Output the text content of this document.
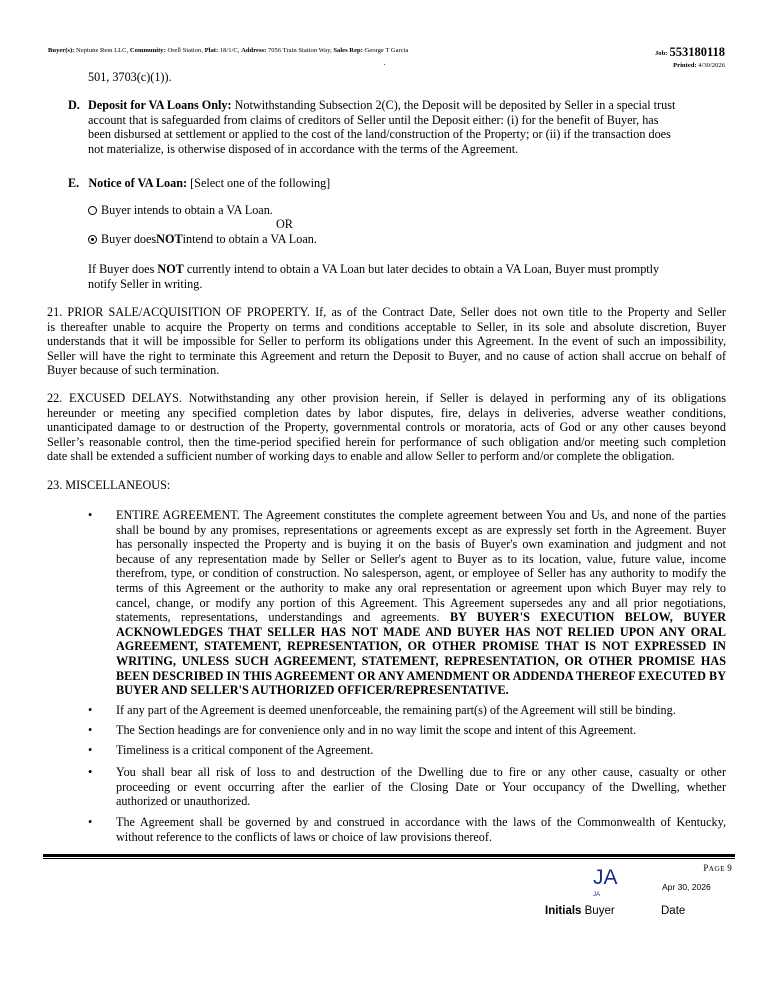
Buyer(s): Neptune Rem LLC, Community: Orell Station, Plat: 18/1/C, Address: 7056 Train Station Way, Sales Rep: George T Garcia	Job: 553180118
Printed: 4/30/2026
501, 3703(c)(1)).
D. Deposit for VA Loans Only: Notwithstanding Subsection 2(C), the Deposit will be deposited by Seller in a special trust
account that is safeguarded from claims of creditors of Seller until the Deposit either: (i) for the benefit of Buyer, has
been disbursed at settlement or applied to the cost of the land/construction of the Property; or (ii) if the transaction does
not materialize, is otherwise disposed of in accordance with the terms of the Agreement.
E. Notice of VA Loan: [Select one of the following]
Buyer intends to obtain a VA Loan.
OR
Buyer does NOT intend to obtain a VA Loan.
If Buyer does NOT currently intend to obtain a VA Loan but later decides to obtain a VA Loan, Buyer must promptly
notify Seller in writing.
21. PRIOR SALE/ACQUISITION OF PROPERTY. If, as of the Contract Date, Seller does not own title to the Property and Seller
is thereafter unable to acquire the Property on terms and conditions acceptable to Seller, in its sole and absolute discretion, Buyer
understands that it will be impossible for Seller to perform its obligations under this Agreement. In the event of such an impossibility,
Seller will have the right to terminate this Agreement and return the Deposit to Buyer, and no cause of action shall accrue on behalf of
Buyer because of such termination.
22. EXCUSED DELAYS. Notwithstanding any other provision herein, if Seller is delayed in performing any of its obligations
hereunder or meeting any specified completion dates by labor disputes, fire, delays in deliveries, adverse weather conditions,
unanticipated damage to or destruction of the Property, governmental controls or moratoria, acts of God or any other causes beyond
Seller’s reasonable control, then the time-period specified herein for performance of such obligation and/or meeting such completion
date shall be extended a sufficient number of working days to enable and allow Seller to perform and/or complete the obligation.
23. MISCELLANEOUS:
• ENTIRE AGREEMENT. The Agreement constitutes the complete agreement between You and Us, and none of the parties
shall be bound by any promises, representations or agreements except as are expressly set forth in the Agreement. Buyer
has personally inspected the Property and is buying it on the basis of Buyer's own examination and judgment and not
because of any representation made by Seller or Seller's agent to Buyer as to its location, value, future value, income
therefrom, type, or condition of construction. No salesperson, agent, or employee of Seller has any authority to modify the
terms of this Agreement or the authority to make any oral representation or agreement upon which Buyer may rely to
cancel, change, or modify any portion of this Agreement. This Agreement supersedes any and all prior negotiations,
statements, representations, understandings and agreements. BY BUYER'S EXECUTION BELOW, BUYER
ACKNOWLEDGES THAT SELLER HAS NOT MADE AND BUYER HAS NOT RELIED UPON ANY ORAL
AGREEMENT, STATEMENT, REPRESENTATION, OR OTHER PROMISE THAT IS NOT EXPRESSED IN
WRITING, UNLESS SUCH AGREEMENT, STATEMENT, REPRESENTATION, OR OTHER PROMISE HAS
BEEN DESCRIBED IN THIS AGREEMENT OR ANY AMENDMENT OR ADDENDA THEREOF EXECUTED BY
BUYER AND SELLER'S AUTHORIZED OFFICER/REPRESENTATIVE.
• If any part of the Agreement is deemed unenforceable, the remaining part(s) of the Agreement will still be binding.
• The Section headings are for convenience only and in no way limit the scope and intent of this Agreement.
• Timeliness is a critical component of the Agreement.
• You shall bear all risk of loss to and destruction of the Dwelling due to fire or any other cause, casualty or other
proceeding or event occurring after the earlier of the Closing Date or Your occupancy of the Dwelling, whether
authorized or unauthorized.
• The Agreement shall be governed by and construed in accordance with the laws of the Commonwealth of Kentucky,
without reference to the conflicts of laws or choice of law provisions thereof.
PAGE 9
JA
JA
Apr 30, 2026
Initials Buyer	Date
